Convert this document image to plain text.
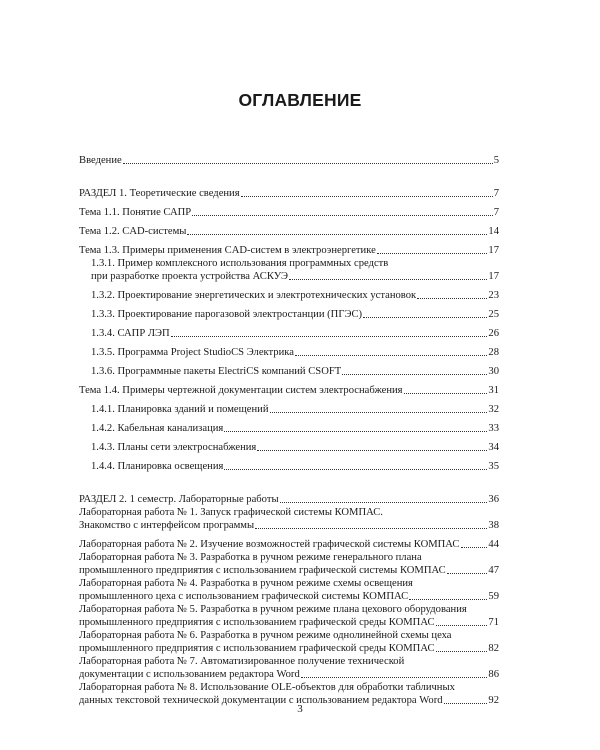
ОГЛАВЛЕНИЕ
Введение	5
РАЗДЕЛ 1. Теоретические сведения	7
Тема 1.1. Понятие САПР	7
Тема 1.2. CAD-системы	14
Тема 1.3. Примеры применения CAD-систем в электроэнергетике	17
1.3.1. Пример комплексного использования программных средств
при разработке проекта устройства АСКУЭ	17
1.3.2. Проектирование энергетических и электротехнических установок	23
1.3.3. Проектирование парогазовой электростанции (ПГЭС)	25
1.3.4. САПР ЛЭП	26
1.3.5. Программа Project StudioCS Электрика	28
1.3.6. Программные пакеты ElectriCS компаний CSOFT	30
Тема 1.4. Примеры чертежной документации систем электроснабжения	31
1.4.1. Планировка зданий и помещений	32
1.4.2. Кабельная канализация	33
1.4.3. Планы сети электроснабжения	34
1.4.4. Планировка освещения	35
РАЗДЕЛ 2. 1 семестр. Лабораторные работы	36
Лабораторная работа № 1. Запуск графической системы КОМПАС.
Знакомство с интерфейсом программы	38
Лабораторная работа № 2. Изучение возможностей графической системы КОМПАС	44
Лабораторная работа № 3. Разработка в ручном режиме генерального плана
промышленного предприятия с использованием графической системы КОМПАС	47
Лабораторная работа № 4. Разработка в ручном режиме схемы освещения
промышленного цеха с использованием графической системы КОМПАС	59
Лабораторная работа № 5. Разработка в ручном режиме плана цехового оборудования
промышленного предприятия с использованием графической среды КОМПАС	71
Лабораторная работа № 6. Разработка в ручном режиме однолинейной схемы цеха
промышленного предприятия с использованием графической среды КОМПАС	82
Лабораторная работа № 7. Автоматизированное получение технической
документации с использованием редактора Word	86
Лабораторная работа № 8. Использование OLE-объектов для обработки табличных
данных текстовой технической документации с использованием редактора Word	92
3
